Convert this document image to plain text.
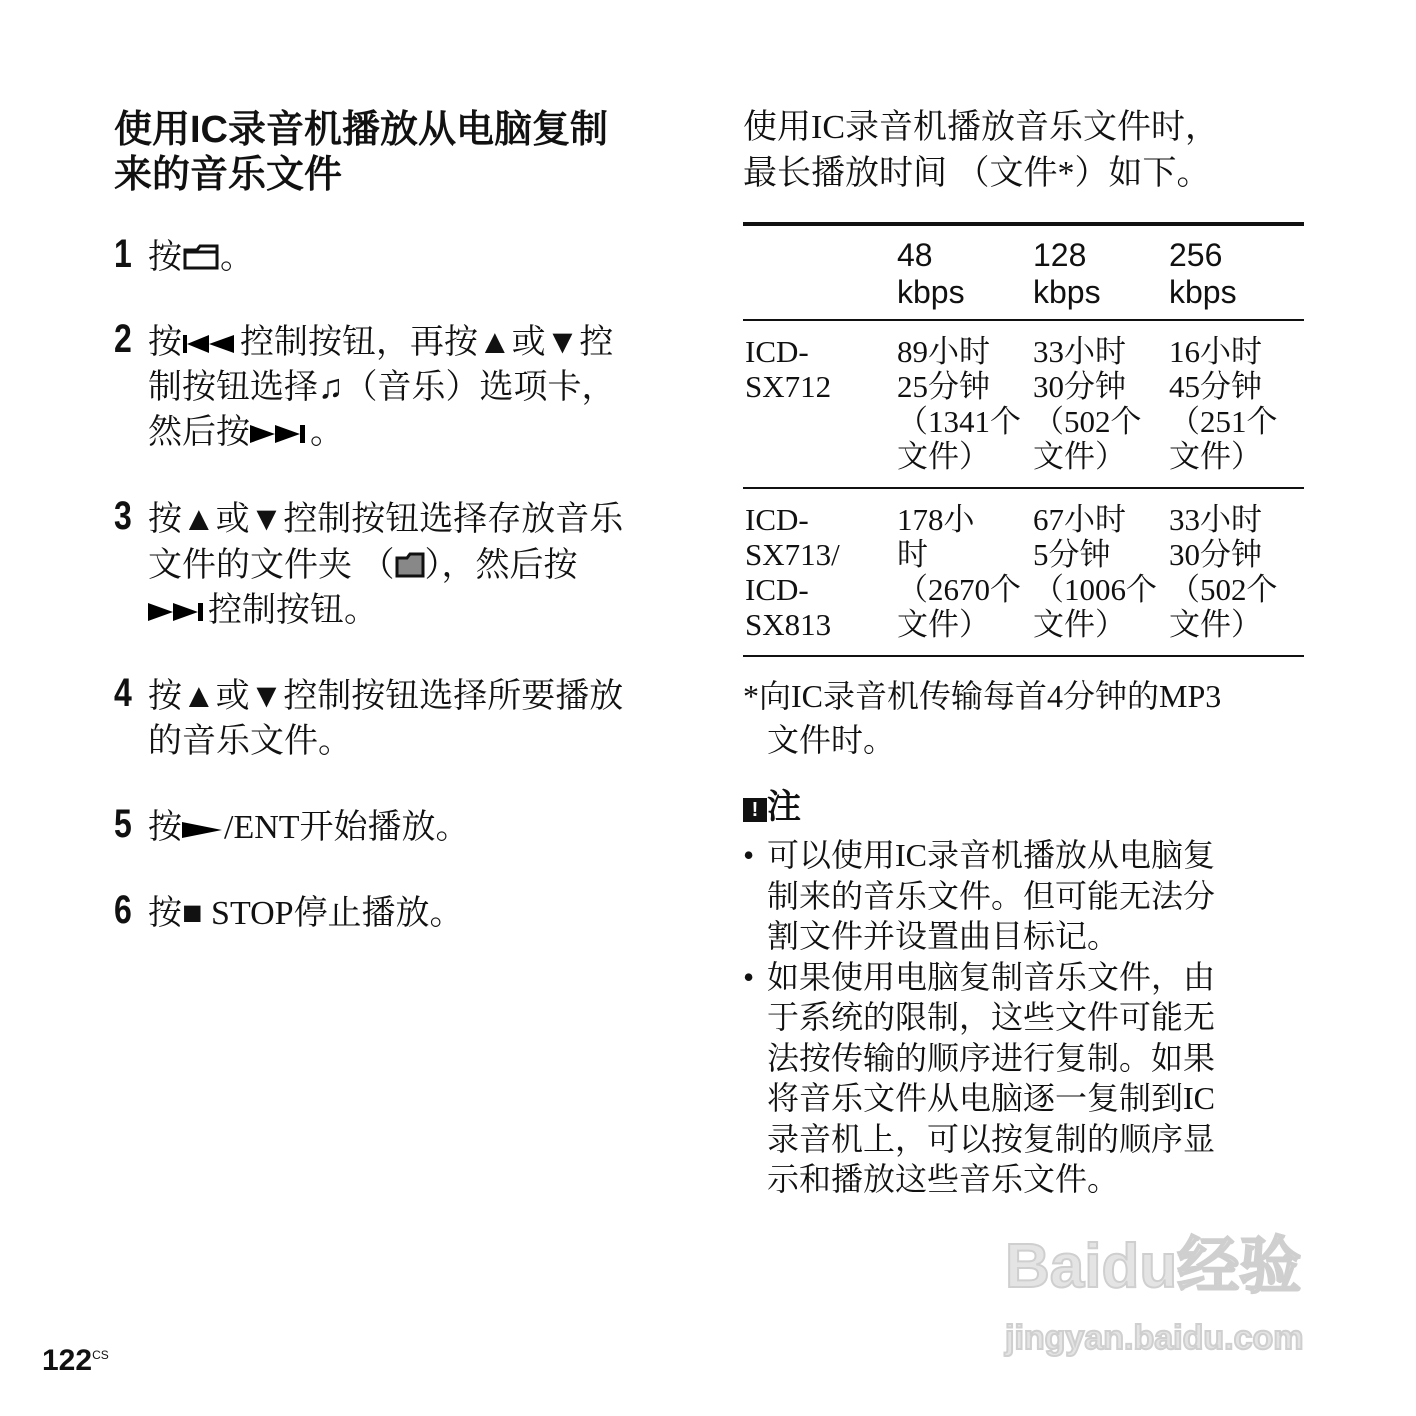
使用IC录音机播放从电脑复制
来的音乐文件
1 按 。
2 按 控制按钮，再按▲或▼控
制按钮选择♫（音乐）选项卡，
然后按 。
3 按▲或▼控制按钮选择存放音乐
文件的文件夹 （ ），然后按
控制按钮。
4 按▲或▼控制按钮选择所要播放
的音乐文件。
5 按 /ENT开始播放。
6 按■ STOP停止播放。
使用IC录音机播放音乐文件时，
最长播放时间 （文件*）如下。
48
kbps
128
kbps
256
kbps
ICD-
SX712
89小时
25分钟
（1341个
文件）
33小时
30分钟
（502个
文件）
16小时
45分钟
（251个
文件）
ICD-
SX713/
ICD-
SX813
178小
时
（2670个
文件）
67小时
5分钟
（1006个
文件）
33小时
30分钟
（502个
文件）
*向IC录音机传输每首4分钟的MP3
文件时。
! 注
• 可以使用IC录音机播放从电脑复
制来的音乐文件。但可能无法分
割文件并设置曲目标记。
• 如果使用电脑复制音乐文件，由
于系统的限制，这些文件可能无
法按传输的顺序进行复制。如果
将音乐文件从电脑逐一复制到IC
录音机上，可以按复制的顺序显
示和播放这些音乐文件。
$122^{CS}$
Baidu经验
jingyan.baidu.com
